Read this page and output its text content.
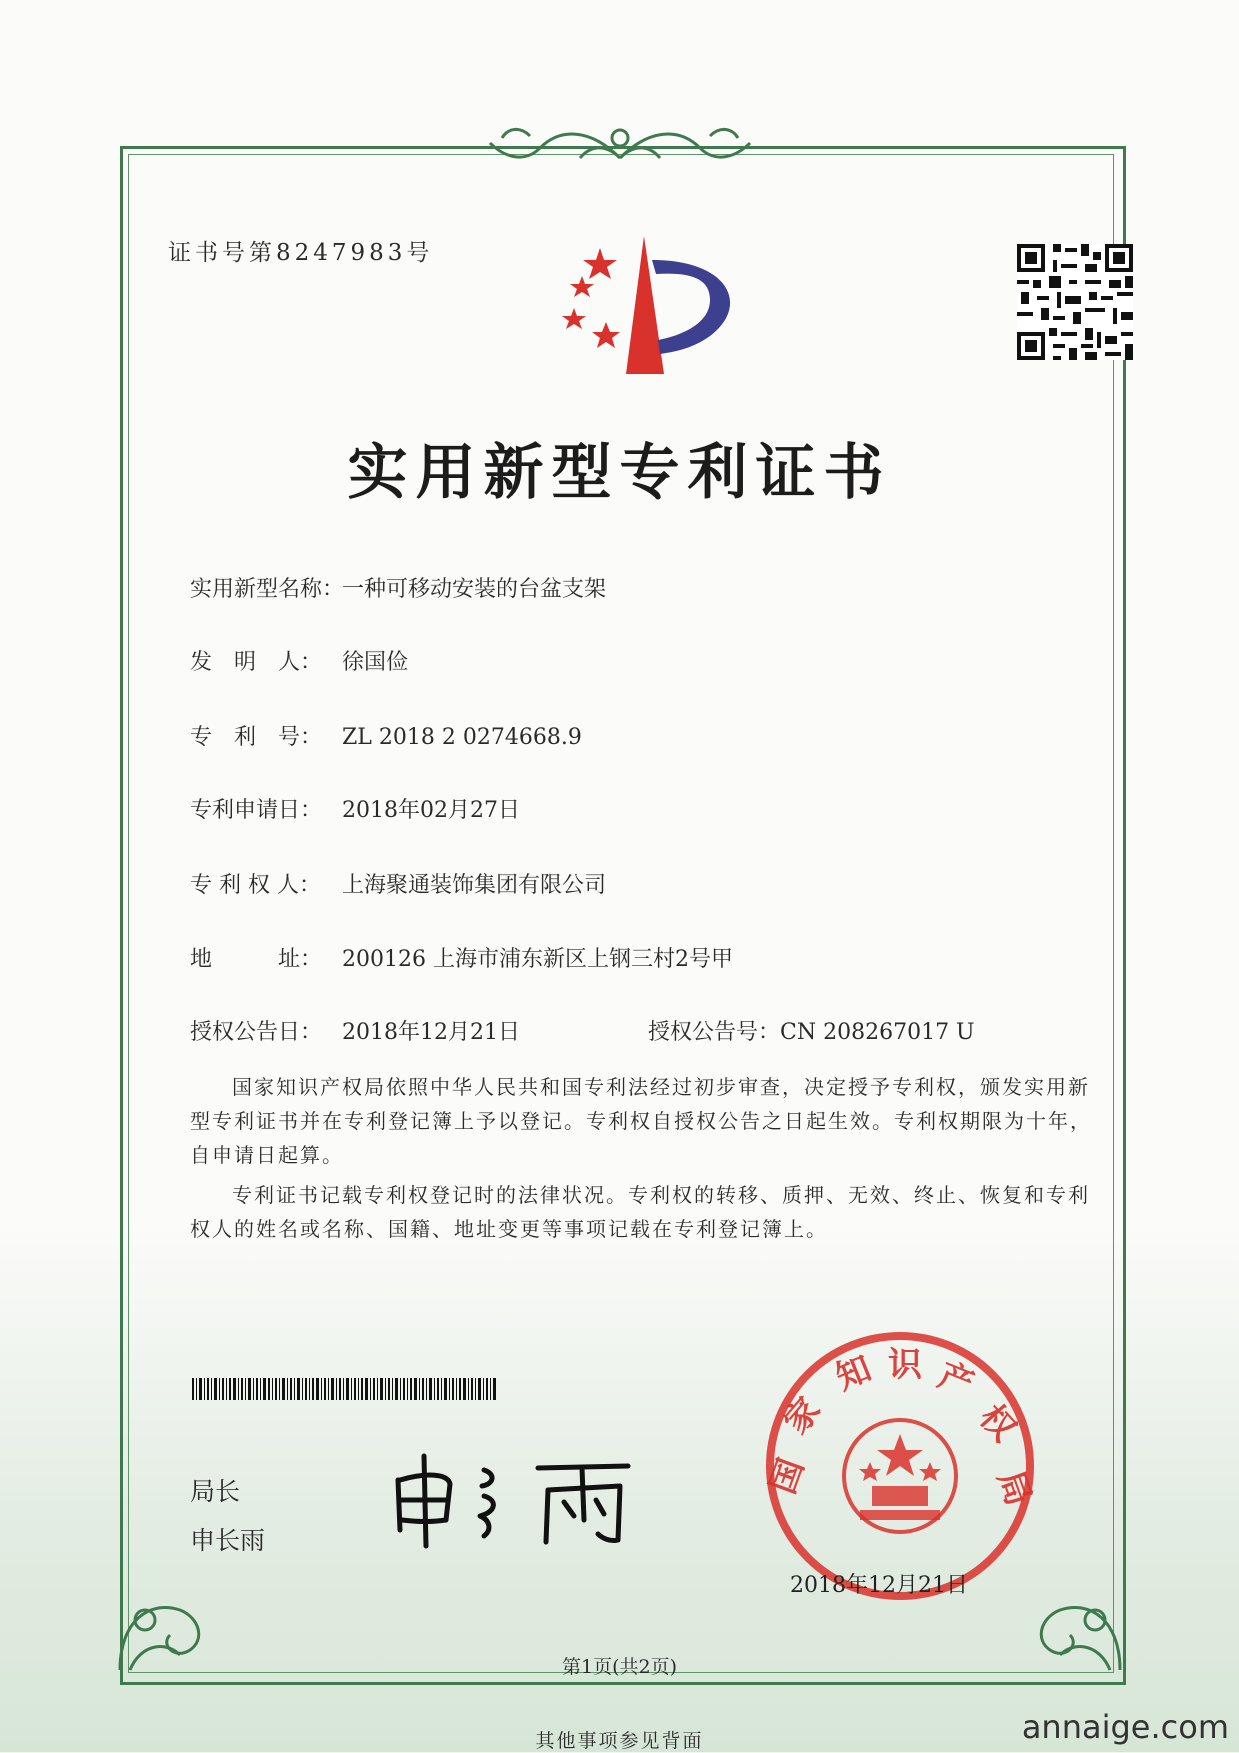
证书号第8247983号
实用新型专利证书
实用新型名称：一种可移动安装的台盆支架
发　明　人： 徐国俭
专　利　号： ZL 2018 2 0274668.9
专利申请日： 2018年02月27日
专 利 权 人： 上海聚通装饰集团有限公司
地　　　址： 200126 上海市浦东新区上钢三村2号甲
授权公告日： 2018年12月21日	授权公告号：CN 208267017 U
国家知识产权局依照中华人民共和国专利法经过初步审查，决定授予专利权，颁发实用新型专利证书并在专利登记簿上予以登记。专利权自授权公告之日起生效。专利权期限为十年，自申请日起算。
专利证书记载专利权登记时的法律状况。专利权的转移、质押、无效、终止、恢复和专利权人的姓名或名称、国籍、地址变更等事项记载在专利登记簿上。
局长
申长雨
国
家
知 识 产
权
局
2018年12月21日
第1页(共2页)
其他事项参见背面	annaige.com
